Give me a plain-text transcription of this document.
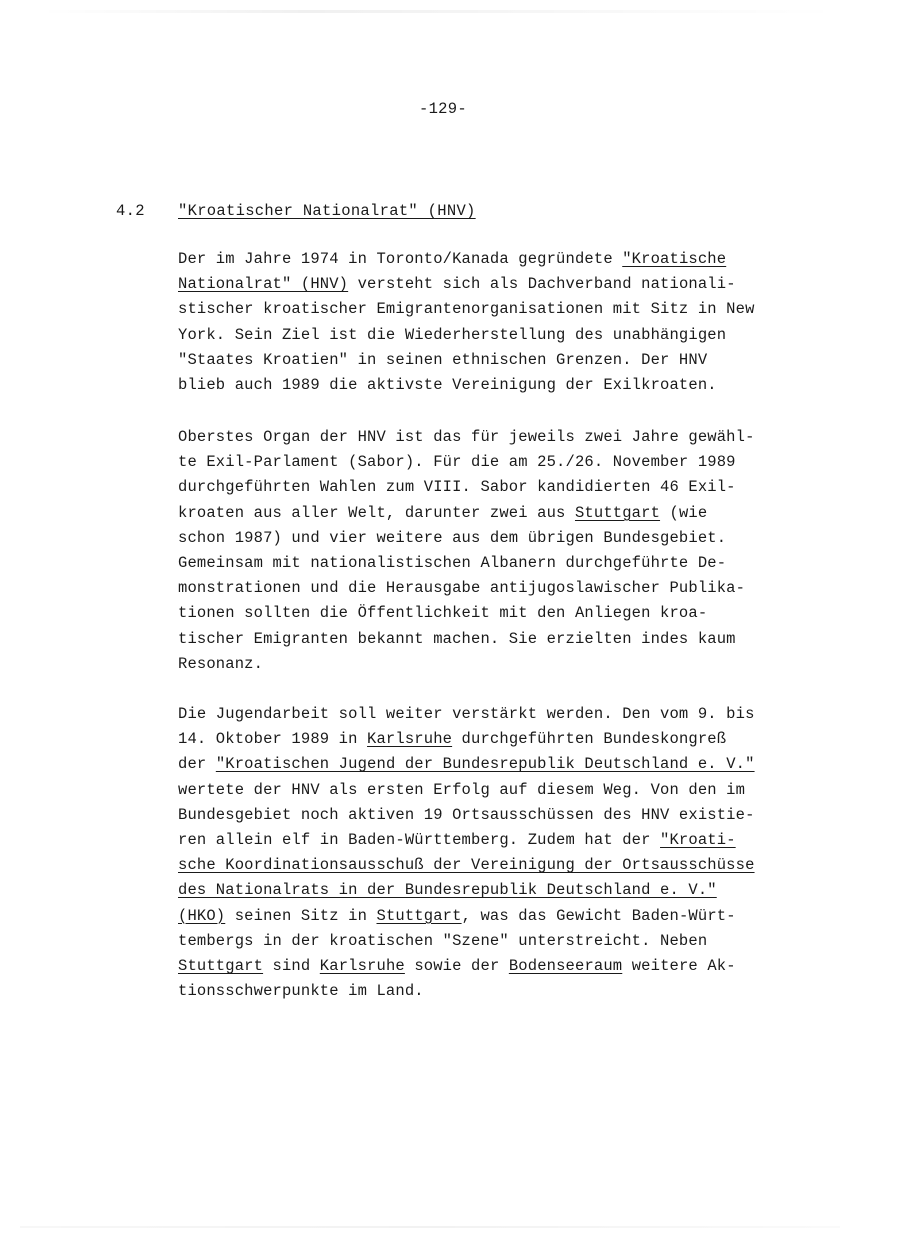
-129-
4.2 "Kroatischer Nationalrat" (HNV)
Der im Jahre 1974 in Toronto/Kanada gegründete "Kroatische
Nationalrat" (HNV) versteht sich als Dachverband nationali-
stischer kroatischer Emigrantenorganisationen mit Sitz in New
York. Sein Ziel ist die Wiederherstellung des unabhängigen
"Staates Kroatien" in seinen ethnischen Grenzen. Der HNV
blieb auch 1989 die aktivste Vereinigung der Exilkroaten.
Oberstes Organ der HNV ist das für jeweils zwei Jahre gewähl-
te Exil-Parlament (Sabor). Für die am 25./26. November 1989
durchgeführten Wahlen zum VIII. Sabor kandidierten 46 Exil-
kroaten aus aller Welt, darunter zwei aus Stuttgart (wie
schon 1987) und vier weitere aus dem übrigen Bundesgebiet.
Gemeinsam mit nationalistischen Albanern durchgeführte De-
monstrationen und die Herausgabe antijugoslawischer Publika-
tionen sollten die Öffentlichkeit mit den Anliegen kroa-
tischer Emigranten bekannt machen. Sie erzielten indes kaum
Resonanz.
Die Jugendarbeit soll weiter verstärkt werden. Den vom 9. bis
14. Oktober 1989 in Karlsruhe durchgeführten Bundeskongreß
der "Kroatischen Jugend der Bundesrepublik Deutschland e. V."
wertete der HNV als ersten Erfolg auf diesem Weg. Von den im
Bundesgebiet noch aktiven 19 Ortsausschüssen des HNV existie-
ren allein elf in Baden-Württemberg. Zudem hat der "Kroati-
sche Koordinationsausschuß der Vereinigung der Ortsausschüsse
des Nationalrats in der Bundesrepublik Deutschland e. V."
(HKO) seinen Sitz in Stuttgart, was das Gewicht Baden-Würt-
tembergs in der kroatischen "Szene" unterstreicht. Neben
Stuttgart sind Karlsruhe sowie der Bodenseeraum weitere Ak-
tionsschwerpunkte im Land.
